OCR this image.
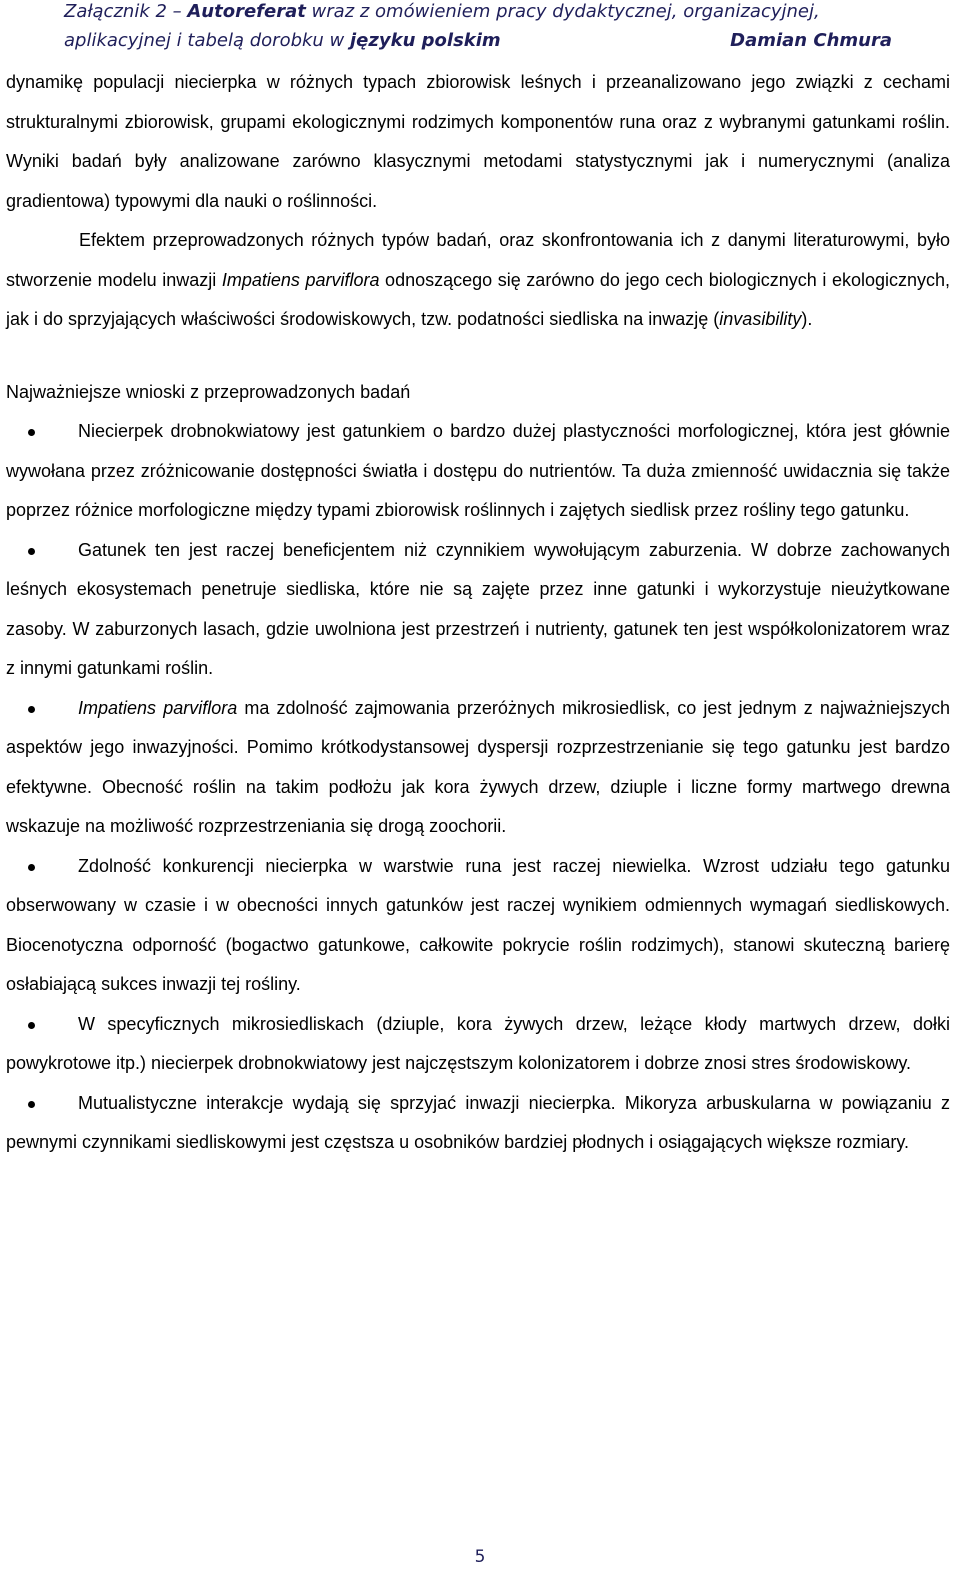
Załącznik 2 – Autoreferat wraz z omówieniem pracy dydaktycznej, organizacyjnej,
aplikacyjnej i tabelą dorobku w języku polskim	Damian Chmura

dynamikę populacji niecierpka w różnych typach zbiorowisk leśnych i przeanalizowano jego związki z cechami strukturalnymi zbiorowisk, grupami ekologicznymi rodzimych komponentów runa oraz z wybranymi gatunkami roślin. Wyniki badań były analizowane zarówno klasycznymi metodami statystycznymi jak i numerycznymi (analiza gradientowa) typowymi dla nauki o roślinności.

Efektem przeprowadzonych różnych typów badań, oraz skonfrontowania ich z danymi literaturowymi, było stworzenie modelu inwazji Impatiens parviflora odnoszącego się zarówno do jego cech biologicznych i ekologicznych, jak i do sprzyjających właściwości środowiskowych, tzw. podatności siedliska na inwazję (invasibility).

Najważniejsze wnioski z przeprowadzonych badań
Niecierpek drobnokwiatowy jest gatunkiem o bardzo dużej plastyczności morfologicznej, która jest głównie wywołana przez zróżnicowanie dostępności światła i dostępu do nutrientów. Ta duża zmienność uwidacznia się także poprzez różnice morfologiczne między typami zbiorowisk roślinnych i zajętych siedlisk przez rośliny tego gatunku.
Gatunek ten jest raczej beneficjentem niż czynnikiem wywołującym zaburzenia. W dobrze zachowanych leśnych ekosystemach penetruje siedliska, które nie są zajęte przez inne gatunki i wykorzystuje nieużytkowane zasoby. W zaburzonych lasach, gdzie uwolniona jest przestrzeń i nutrienty, gatunek ten jest współkolonizatorem wraz z innymi gatunkami roślin.
Impatiens parviflora ma zdolność zajmowania przeróżnych mikrosiedlisk, co jest jednym z najważniejszych aspektów jego inwazyjności. Pomimo krótkodystansowej dyspersji rozprzestrzenianie się tego gatunku jest bardzo efektywne. Obecność roślin na takim podłożu jak kora żywych drzew, dziuple i liczne formy martwego drewna wskazuje na możliwość rozprzestrzeniania się drogą zoochorii.
Zdolność konkurencji niecierpka w warstwie runa jest raczej niewielka. Wzrost udziału tego gatunku obserwowany w czasie i w obecności innych gatunków jest raczej wynikiem odmiennych wymagań siedliskowych. Biocenotyczna odporność (bogactwo gatunkowe, całkowite pokrycie roślin rodzimych), stanowi skuteczną barierę osłabiającą sukces inwazji tej rośliny.
W specyficznych mikrosiedliskach (dziuple, kora żywych drzew, leżące kłody martwych drzew, dołki powykrotowe itp.) niecierpek drobnokwiatowy jest najczęstszym kolonizatorem i dobrze znosi stres środowiskowy.
Mutualistyczne interakcje wydają się sprzyjać inwazji niecierpka. Mikoryza arbuskularna w powiązaniu z pewnymi czynnikami siedliskowymi jest częstsza u osobników bardziej płodnych i osiągających większe rozmiary.
5
